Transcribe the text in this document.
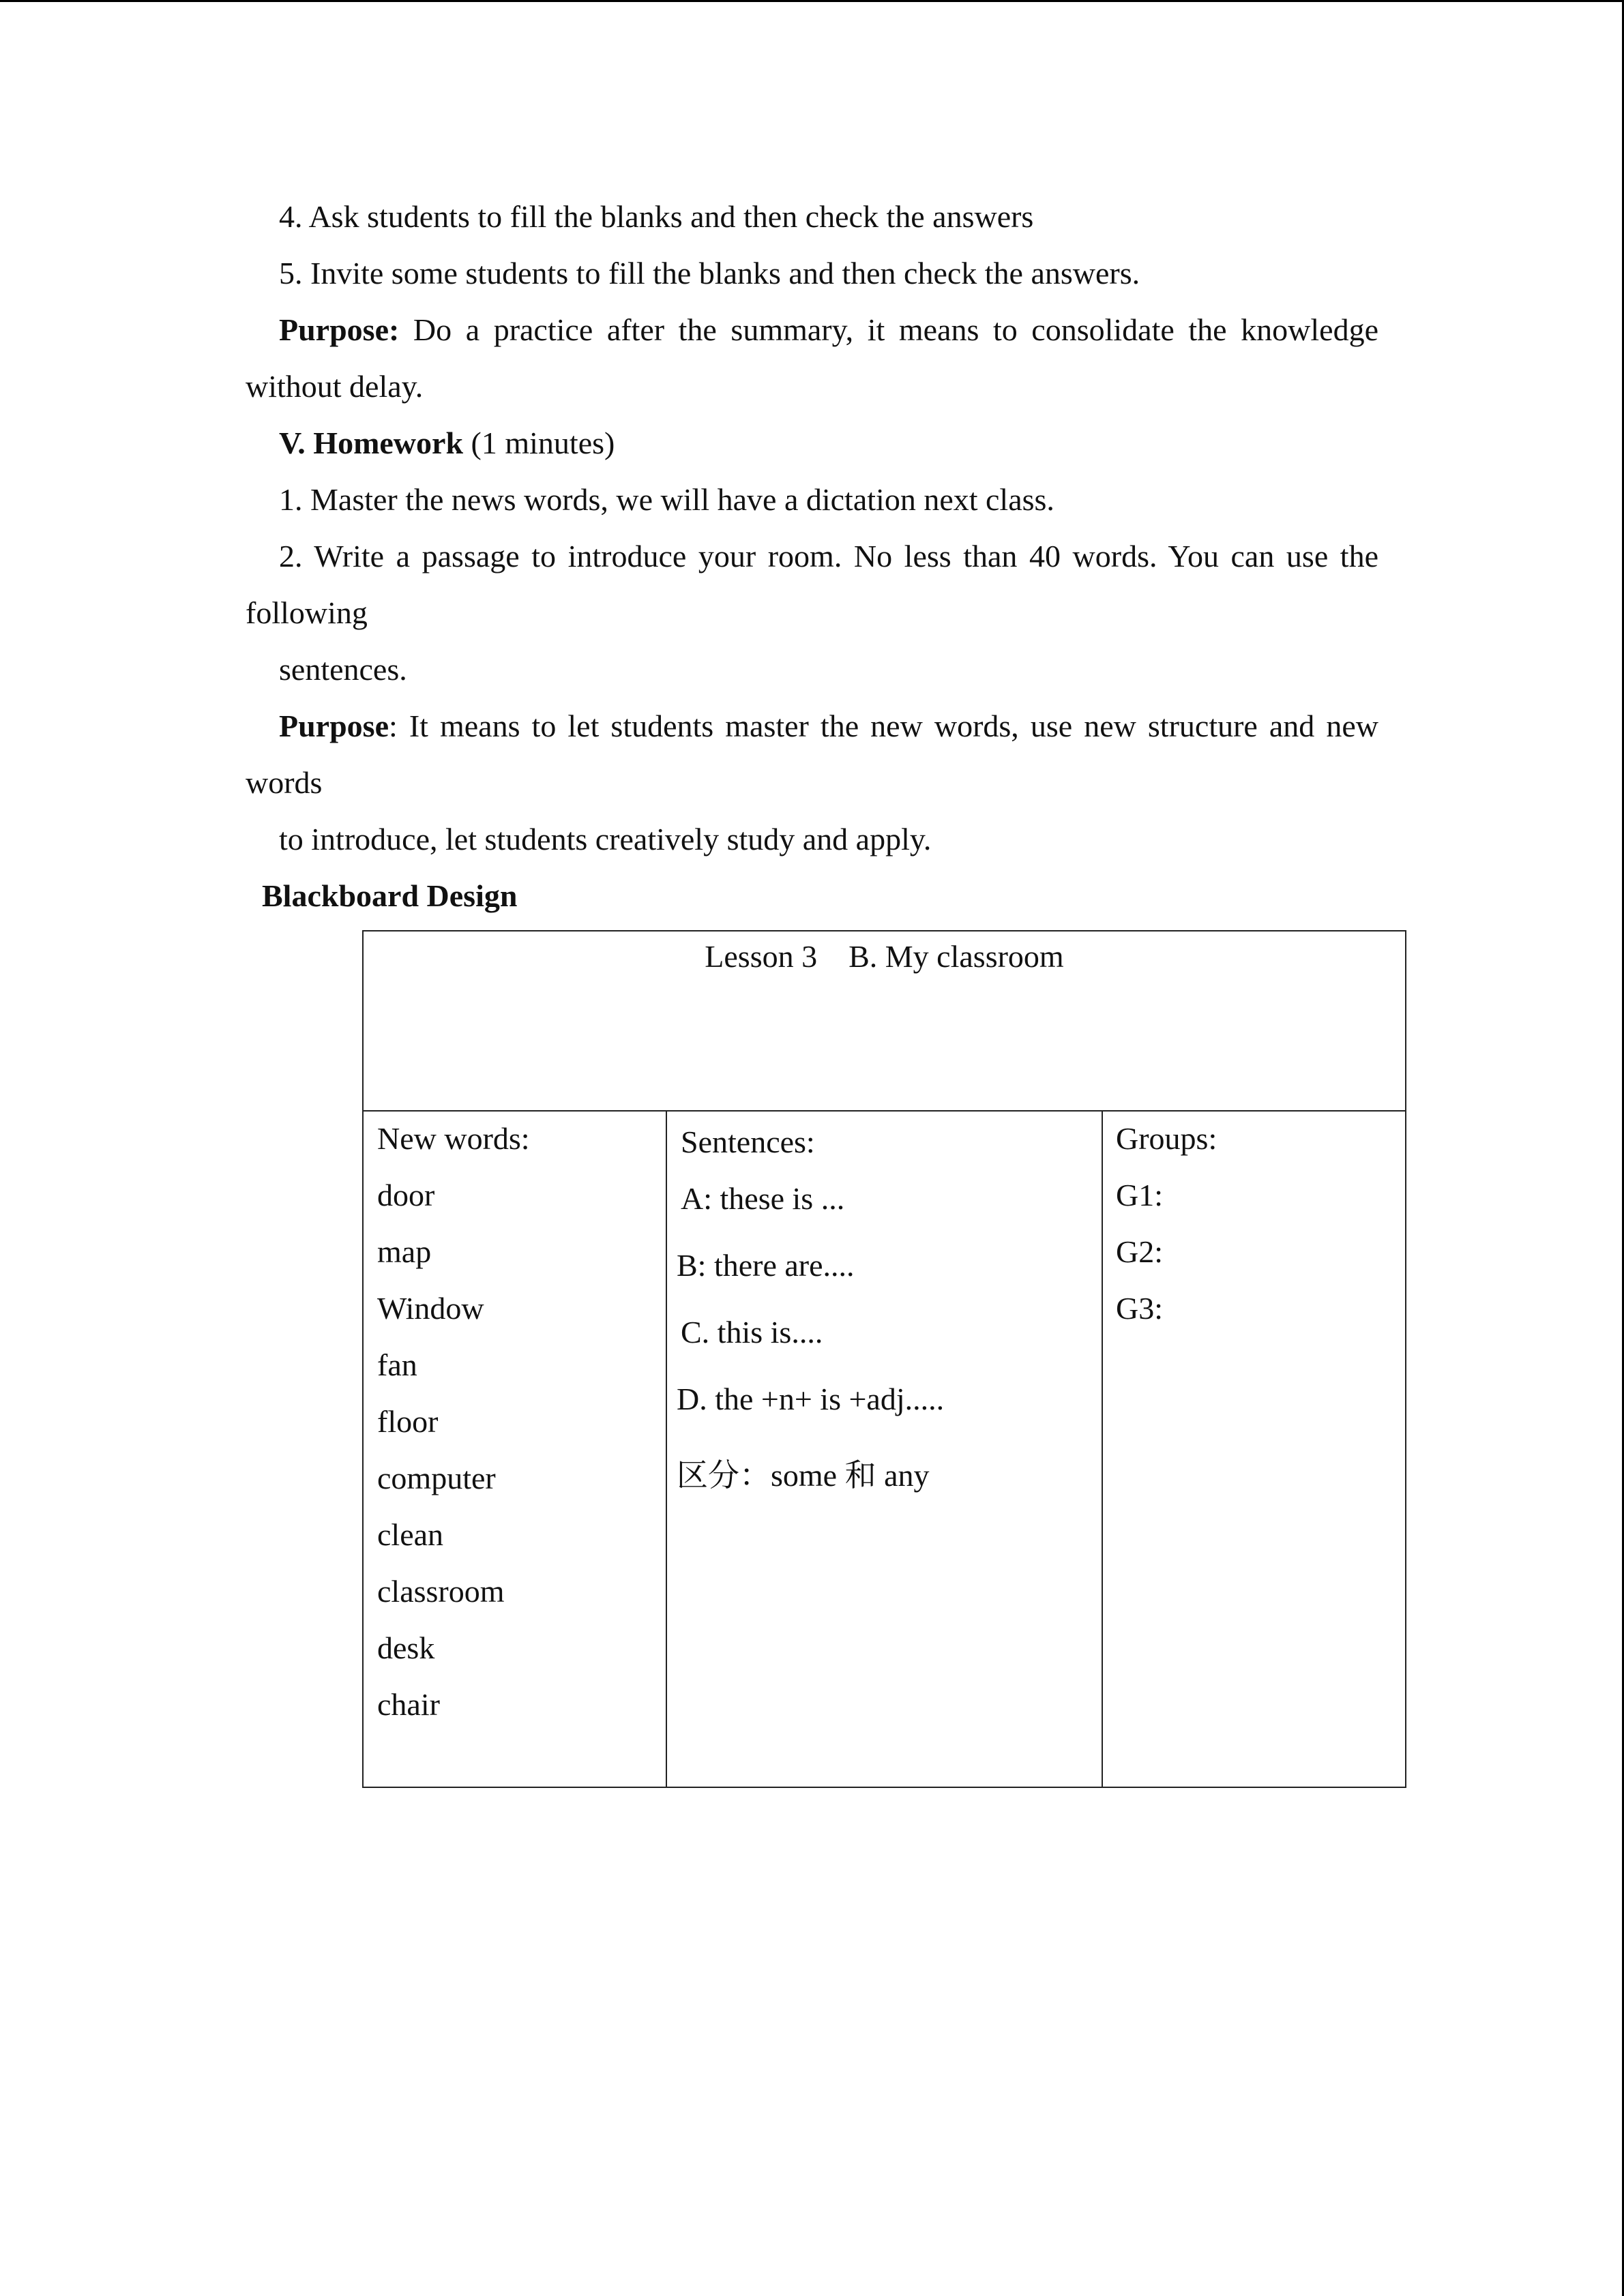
4. Ask students to fill the blanks and then check the answers
5. Invite some students to fill the blanks and then check the answers.
Purpose: Do a practice after the summary, it means to consolidate the knowledge
without delay.
V. Homework (1 minutes)
1. Master the news words, we will have a dictation next class.
2. Write a passage to introduce your room. No less than 40 words. You can use the
following
sentences.
Purpose: It means to let students master the new words, use new structure and new
words
to introduce, let students creatively study and apply.
Blackboard Design
Lesson 3    B. My classroom
New words:
door
map
Window
fan
floor
computer
clean
classroom
desk
chair
Sentences:
A: these is ...
B: there are....
C. this is....
D. the +n+ is +adj.....
区分：some 和 any
Groups:
G1:
G2:
G3:
